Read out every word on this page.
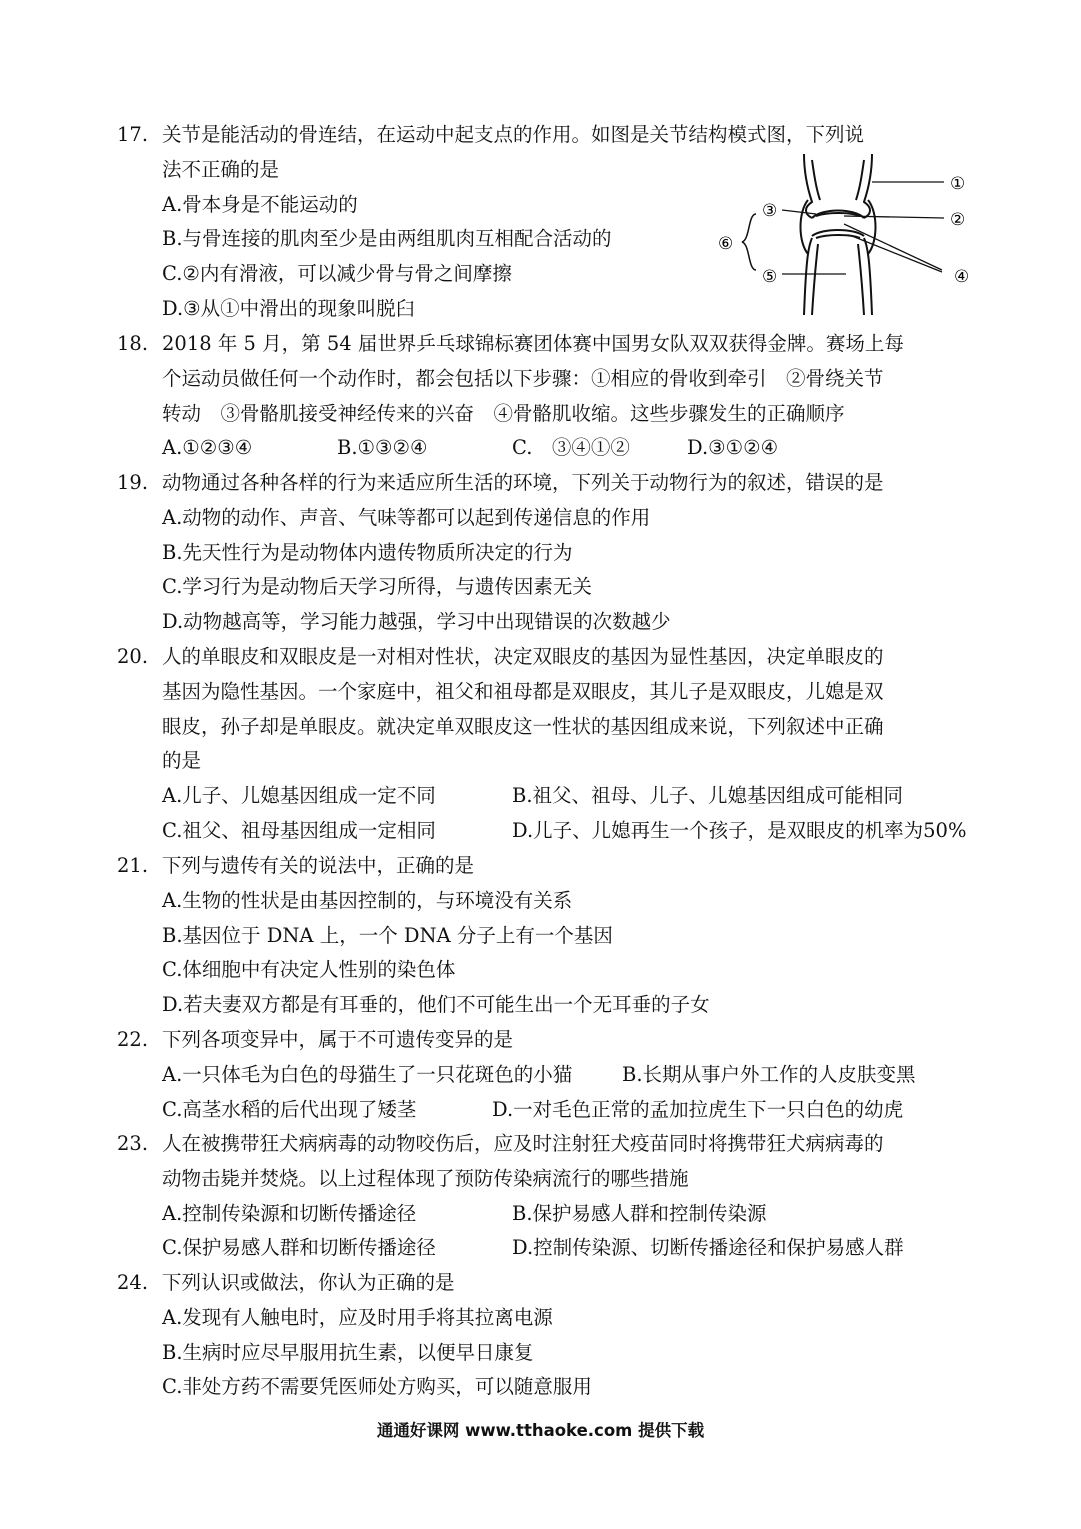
17. 关节是能活动的骨连结，在运动中起支点的作用。如图是关节结构模式图，下列说
法不正确的是
A.骨本身是不能运动的
B.与骨连接的肌肉至少是由两组肌肉互相配合活动的
C.②内有滑液，可以减少骨与骨之间摩擦
D.③从①中滑出的现象叫脱臼
①
②
③
④
⑤
⑥
18. 2018 年 5 月，第 54 届世界乒乓球锦标赛团体赛中国男女队双双获得金牌。赛场上每
个运动员做任何一个动作时，都会包括以下步骤：①相应的骨收到牵引　②骨绕关节
转动　③骨骼肌接受神经传来的兴奋　④骨骼肌收缩。这些步骤发生的正确顺序
A.①②③④	B.①③②④	C.　③④①②	D.③①②④
19. 动物通过各种各样的行为来适应所生活的环境，下列关于动物行为的叙述，错误的是
A.动物的动作、声音、气味等都可以起到传递信息的作用
B.先天性行为是动物体内遗传物质所决定的行为
C.学习行为是动物后天学习所得，与遗传因素无关
D.动物越高等，学习能力越强，学习中出现错误的次数越少
20. 人的单眼皮和双眼皮是一对相对性状，决定双眼皮的基因为显性基因，决定单眼皮的
基因为隐性基因。一个家庭中，祖父和祖母都是双眼皮，其儿子是双眼皮，儿媳是双
眼皮，孙子却是单眼皮。就决定单双眼皮这一性状的基因组成来说，下列叙述中正确
的是
A.儿子、儿媳基因组成一定不同	B.祖父、祖母、儿子、儿媳基因组成可能相同
C.祖父、祖母基因组成一定相同	D.儿子、儿媳再生一个孩子，是双眼皮的机率为50%
21. 下列与遗传有关的说法中，正确的是
A.生物的性状是由基因控制的，与环境没有关系
B.基因位于 DNA 上，一个 DNA 分子上有一个基因
C.体细胞中有决定人性别的染色体
D.若夫妻双方都是有耳垂的，他们不可能生出一个无耳垂的子女
22. 下列各项变异中，属于不可遗传变异的是
A.一只体毛为白色的母猫生了一只花斑色的小猫	B.长期从事户外工作的人皮肤变黑
C.高茎水稻的后代出现了矮茎	D.一对毛色正常的孟加拉虎生下一只白色的幼虎
23. 人在被携带狂犬病病毒的动物咬伤后，应及时注射狂犬疫苗同时将携带狂犬病病毒的
动物击毙并焚烧。以上过程体现了预防传染病流行的哪些措施
A.控制传染源和切断传播途径	B.保护易感人群和控制传染源
C.保护易感人群和切断传播途径	D.控制传染源、切断传播途径和保护易感人群
24. 下列认识或做法，你认为正确的是
A.发现有人触电时，应及时用手将其拉离电源
B.生病时应尽早服用抗生素，以便早日康复
C.非处方药不需要凭医师处方购买，可以随意服用
通通好课网 www.tthaoke.com 提供下载
